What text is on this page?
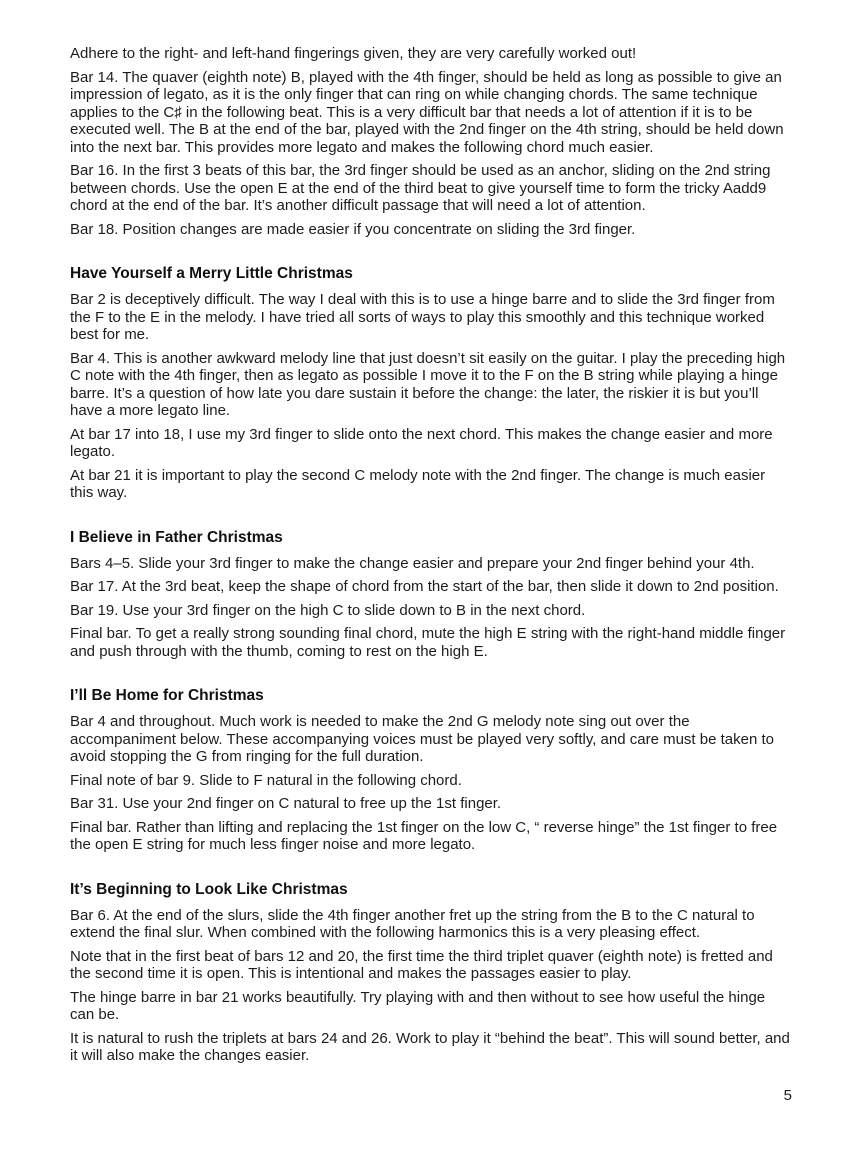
Adhere to the right- and left-hand fingerings given, they are very carefully worked out!

Bar 14. The quaver (eighth note) B, played with the 4th finger, should be held as long as possible to give an impression of legato, as it is the only finger that can ring on while changing chords. The same technique applies to the C♯ in the following beat. This is a very difficult bar that needs a lot of attention if it is to be executed well. The B at the end of the bar, played with the 2nd finger on the 4th string, should be held down into the next bar. This provides more legato and makes the following chord much easier.

Bar 16. In the first 3 beats of this bar, the 3rd finger should be used as an anchor, sliding on the 2nd string between chords. Use the open E at the end of the third beat to give yourself time to form the tricky Aadd9 chord at the end of the bar. It’s another difficult passage that will need a lot of attention.

Bar 18. Position changes are made easier if you concentrate on sliding the 3rd finger.

Have Yourself a Merry Little Christmas

Bar 2 is deceptively difficult. The way I deal with this is to use a hinge barre and to slide the 3rd finger from the F to the E in the melody. I have tried all sorts of ways to play this smoothly and this technique worked best for me.

Bar 4. This is another awkward melody line that just doesn’t sit easily on the guitar. I play the preceding high C note with the 4th finger, then as legato as possible I move it to the F on the B string while playing a hinge barre. It’s a question of how late you dare sustain it before the change: the later, the riskier it is but you’ll have a more legato line.

At bar 17 into 18, I use my 3rd finger to slide onto the next chord. This makes the change easier and more legato.

At bar 21 it is important to play the second C melody note with the 2nd finger. The change is much easier this way.

I Believe in Father Christmas

Bars 4–5. Slide your 3rd finger to make the change easier and prepare your 2nd finger behind your 4th.

Bar 17. At the 3rd beat, keep the shape of chord from the start of the bar, then slide it down to 2nd position.

Bar 19. Use your 3rd finger on the high C to slide down to B in the next chord.

Final bar. To get a really strong sounding final chord, mute the high E string with the right-hand middle finger and push through with the thumb, coming to rest on the high E.

I’ll Be Home for Christmas

Bar 4 and throughout. Much work is needed to make the 2nd G melody note sing out over the accompaniment below. These accompanying voices must be played very softly, and care must be taken to avoid stopping the G from ringing for the full duration.

Final note of bar 9. Slide to F natural in the following chord.

Bar 31. Use your 2nd finger on C natural to free up the 1st finger.

Final bar. Rather than lifting and replacing the 1st finger on the low C, “ reverse hinge” the 1st finger to free the open E string for much less finger noise and more legato.

It’s Beginning to Look Like Christmas

Bar 6. At the end of the slurs, slide the 4th finger another fret up the string from the B to the C natural to extend the final slur. When combined with the following harmonics this is a very pleasing effect.

Note that in the first beat of bars 12 and 20, the first time the third triplet quaver (eighth note) is fretted and the second time it is open. This is intentional and makes the passages easier to play.

The hinge barre in bar 21 works beautifully. Try playing with and then without to see how useful the hinge can be.

It is natural to rush the triplets at bars 24 and 26. Work to play it “behind the beat”. This will sound better, and it will also make the changes easier.

5
